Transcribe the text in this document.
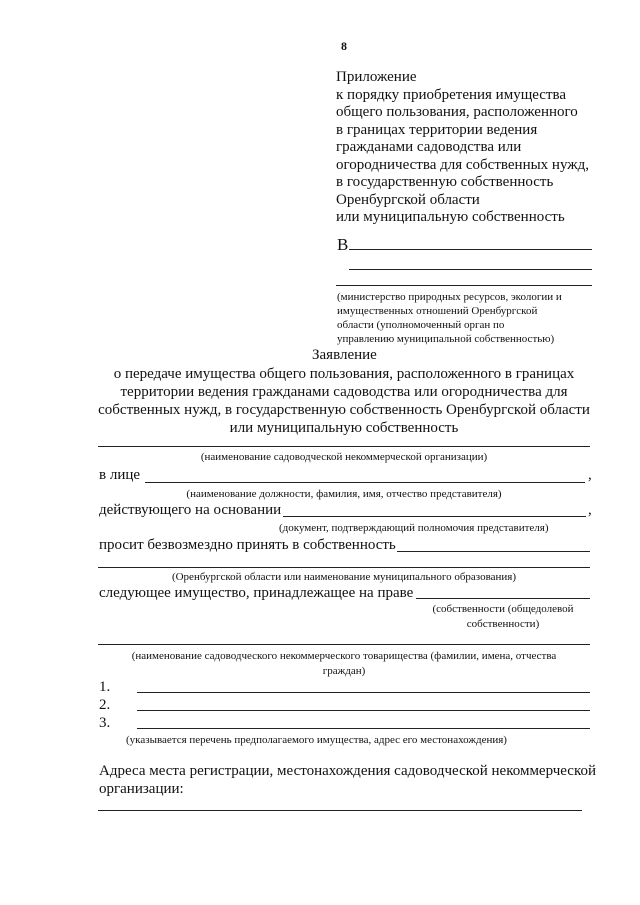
8
Приложение
к порядку приобретения имущества
общего пользования, расположенного
в границах территории ведения
гражданами садоводства или
огородничества для собственных нужд,
в государственную собственность
Оренбургской области
или муниципальную собственность
В
(министерство природных ресурсов, экологии и
имущественных отношений Оренбургской
области (уполномоченный орган по
управлению муниципальной собственностью)
Заявление
о передаче имущества общего пользования, расположенного в границах
территории ведения гражданами садоводства или огородничества для
собственных нужд, в государственную собственность Оренбургской области
или муниципальную собственность
(наименование садоводческой некоммерческой организации)
в лице	,
(наименование должности, фамилия, имя, отчество представителя)
действующего на основании	,
(документ, подтверждающий полномочия представителя)
просит безвозмездно принять в собственность
(Оренбургской области или наименование муниципального образования)
следующее имущество, принадлежащее на праве
(собственности (общедолевой
собственности)
(наименование садоводческого некоммерческого товарищества (фамилии, имена, отчества
граждан)
1.
2.
3.
(указывается перечень предполагаемого имущества, адрес его местонахождения)
Адреса места регистрации, местонахождения садоводческой некоммерческой
организации:
